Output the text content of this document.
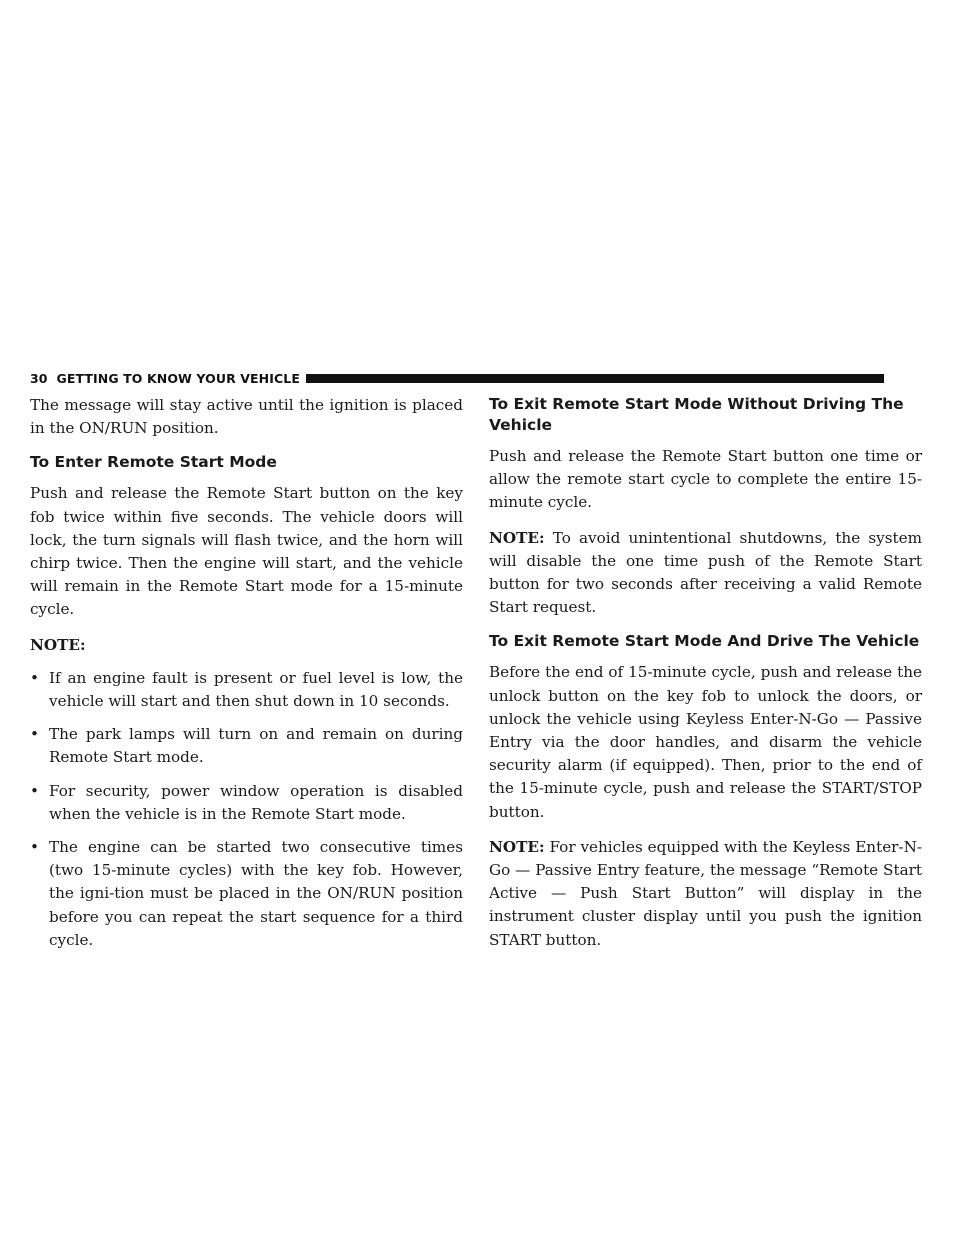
30 GETTING TO KNOW YOUR VEHICLE

The message will stay active until the ignition is placed in the ON/RUN position.

To Enter Remote Start Mode

Push and release the Remote Start button on the key fob twice within five seconds. The vehicle doors will lock, the turn signals will flash twice, and the horn will chirp twice. Then the engine will start, and the vehicle will remain in the Remote Start mode for a 15-minute cycle.

NOTE:

• If an engine fault is present or fuel level is low, the vehicle will start and then shut down in 10 seconds.
• The park lamps will turn on and remain on during Remote Start mode.
• For security, power window operation is disabled when the vehicle is in the Remote Start mode.
• The engine can be started two consecutive times (two 15-minute cycles) with the key fob. However, the igni-tion must be placed in the ON/RUN position before you can repeat the start sequence for a third cycle.
To Exit Remote Start Mode Without Driving The Vehicle

Push and release the Remote Start button one time or allow the remote start cycle to complete the entire 15-minute cycle.

NOTE: To avoid unintentional shutdowns, the system will disable the one time push of the Remote Start button for two seconds after receiving a valid Remote Start request.

To Exit Remote Start Mode And Drive The Vehicle

Before the end of 15-minute cycle, push and release the unlock button on the key fob to unlock the doors, or unlock the vehicle using Keyless Enter-N-Go — Passive Entry via the door handles, and disarm the vehicle security alarm (if equipped). Then, prior to the end of the 15-minute cycle, push and release the START/STOP button.

NOTE: For vehicles equipped with the Keyless Enter-N-Go — Passive Entry feature, the message “Remote Start Active — Push Start Button” will display in the instrument cluster display until you push the ignition START button.
